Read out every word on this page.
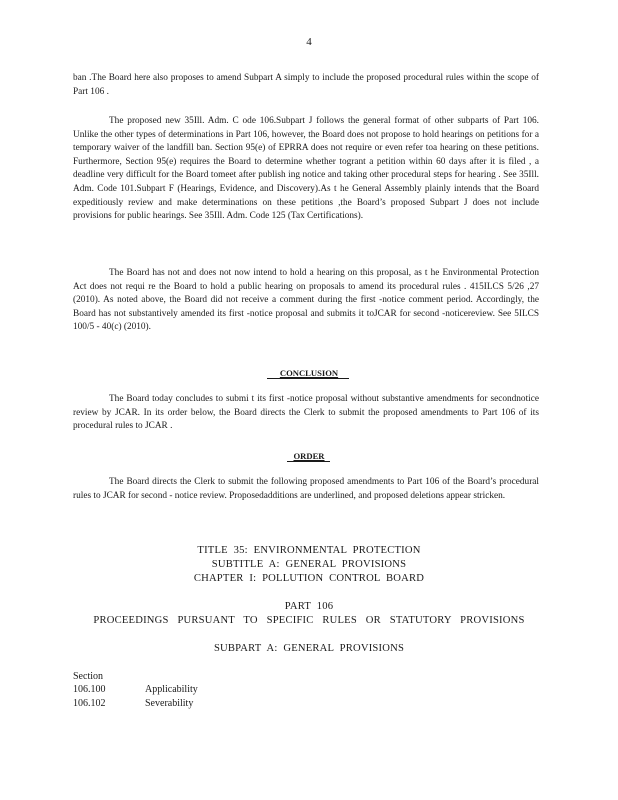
4
ban .The Board here also proposes to amend Subpart A simply to include the proposed procedural rules within the scope of Part 106 .
The proposed new 35Ill. Adm. C ode 106.Subpart J follows the general format of other subparts of Part 106. Unlike the other types of determinations in Part 106, however, the Board does not propose to hold hearings on petitions for a temporary waiver of the landfill ban. Section 95(e) of EPRRA does not require or even refer toa hearing on these petitions. Furthermore, Section 95(e) requires the Board to determine whether togrant a petition within 60 days after it is filed , a deadline very difficult for the Board tomeet after publish ing notice and taking other procedural steps for hearing . See 35Ill. Adm. Code 101.Subpart F (Hearings, Evidence, and Discovery).As t he General Assembly plainly intends that the Board expeditiously review and make determinations on these petitions ,the Board’s proposed Subpart J does not include provisions for public hearings. See 35Ill. Adm. Code 125 (Tax Certifications).
The Board has not and does not now intend to hold a hearing on this proposal, as t he Environmental Protection Act does not requi re the Board to hold a public hearing on proposals to amend its procedural rules . 415ILCS 5/26 ,27 (2010). As noted above, the Board did not receive a comment during the first -notice comment period. Accordingly, the Board has not substantively amended its first -notice proposal and submits it toJCAR for second -noticereview. See 5ILCS 100/5 - 40(c) (2010).
CONCLUSION
The Board today concludes to submi t its first -notice proposal without substantive amendments for secondnotice review by JCAR. In its order below, the Board directs the Clerk to submit the proposed amendments to Part 106 of its procedural rules to JCAR .
ORDER
The Board directs the Clerk to submit the following proposed amendments to Part 106 of the Board’s procedural rules to JCAR for second - notice review. Proposedadditions are underlined, and proposed deletions appear stricken.
TITLE 35: ENVIRONMENTAL PROTECTION
SUBTITLE A: GENERAL PROVISIONS
CHAPTER I: POLLUTION CONTROL BOARD
PART 106
PROCEEDINGS PURSUANT TO SPECIFIC RULES OR STATUTORY PROVISIONS
SUBPART A: GENERAL PROVISIONS
Section
106.100	Applicability
106.102	Severability
